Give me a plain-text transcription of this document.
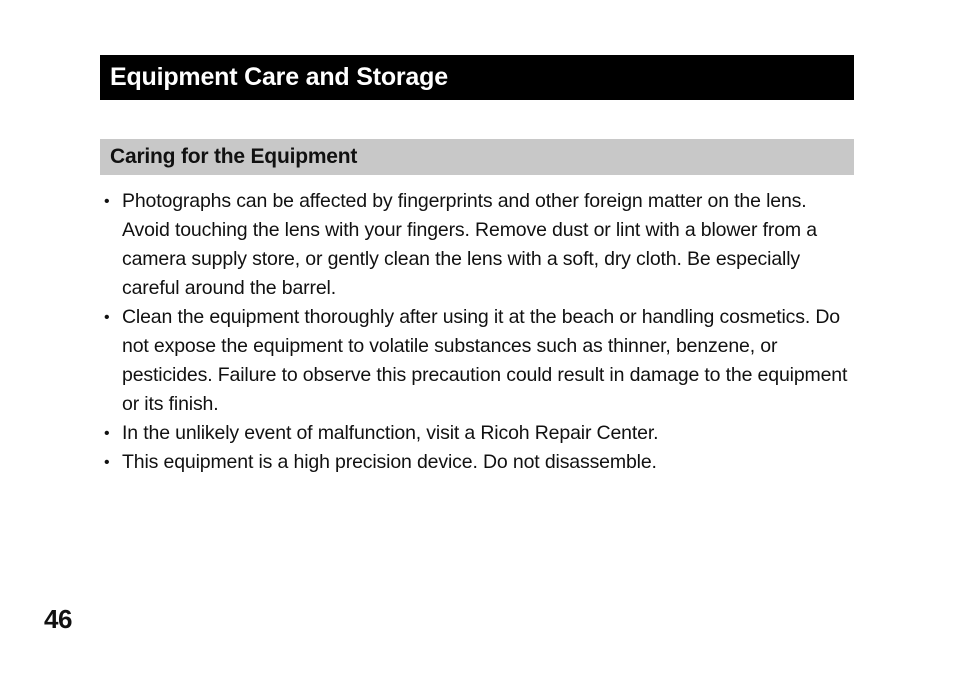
Equipment Care and Storage
Caring for the Equipment
• Photographs can be affected by fingerprints and other foreign matter on the lens. Avoid touching the lens with your fingers. Remove dust or lint with a blower from a camera supply store, or gently clean the lens with a soft, dry cloth. Be especially careful around the barrel.
• Clean the equipment thoroughly after using it at the beach or handling cosmetics. Do not expose the equipment to volatile substances such as thinner, benzene, or pesticides. Failure to observe this precaution could result in damage to the equipment or its finish.
• In the unlikely event of malfunction, visit a Ricoh Repair Center.
• This equipment is a high precision device. Do not disassemble.
46
